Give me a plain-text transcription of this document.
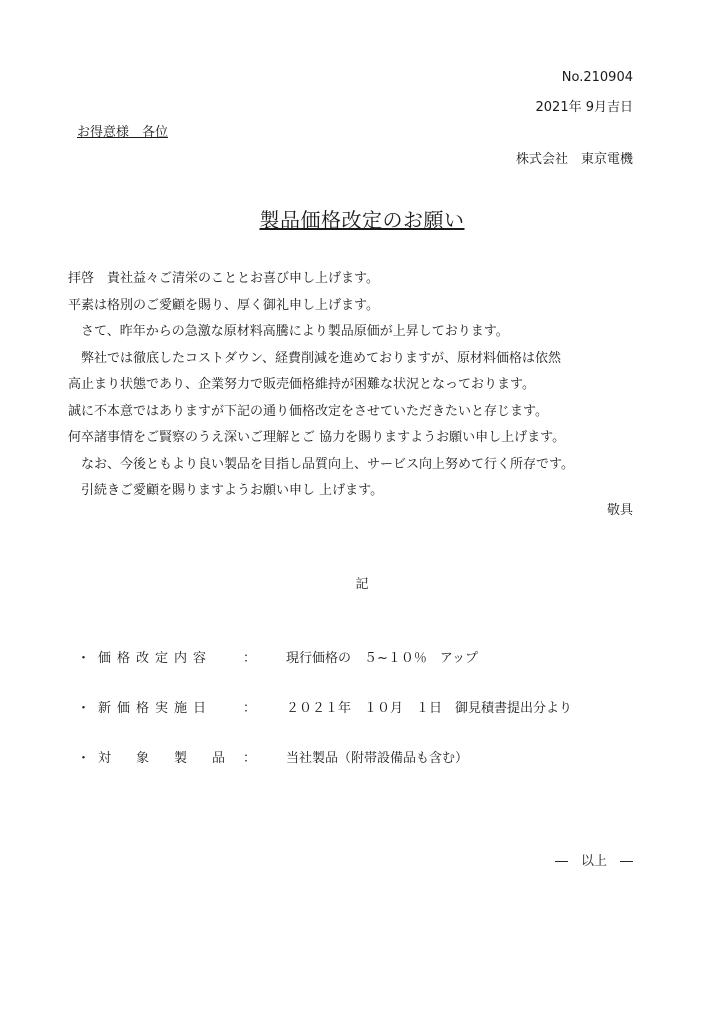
No.210904
2021年 9月吉日
お得意様　各位
株式会社　東京電機
製品価格改定のお願い
拝啓　貴社益々ご清栄のこととお喜び申し上げます。
平素は格別のご愛顧を賜り、厚く御礼申し上げます。
　さて、昨年からの急激な原材料高騰により製品原価が上昇しております。
　弊社では徹底したコストダウン、経費削減を進めておりますが、原材料価格は依然
高止まり状態であり、企業努力で販売価格維持が困難な状況となっております。
誠に不本意ではありますが下記の通り価格改定をさせていただきたいと存じます。
何卒諸事情をご賢察のうえ深いご理解とご 協力を賜りますようお願い申し上げます。
　なお、今後ともより良い製品を目指し品質向上、サービス向上努めて行く所存です。
　引続きご愛顧を賜りますようお願い申し 上げます。
敬具
記
・ 価格改定内容 ： 現行価格の　５~１０％　アップ
・ 新価格実施日 ： ２０２１年　１０月　１日　御見積書提出分より
・ 対　象　製　品 ： 当社製品（附帯設備品も含む）
―　以上　―
